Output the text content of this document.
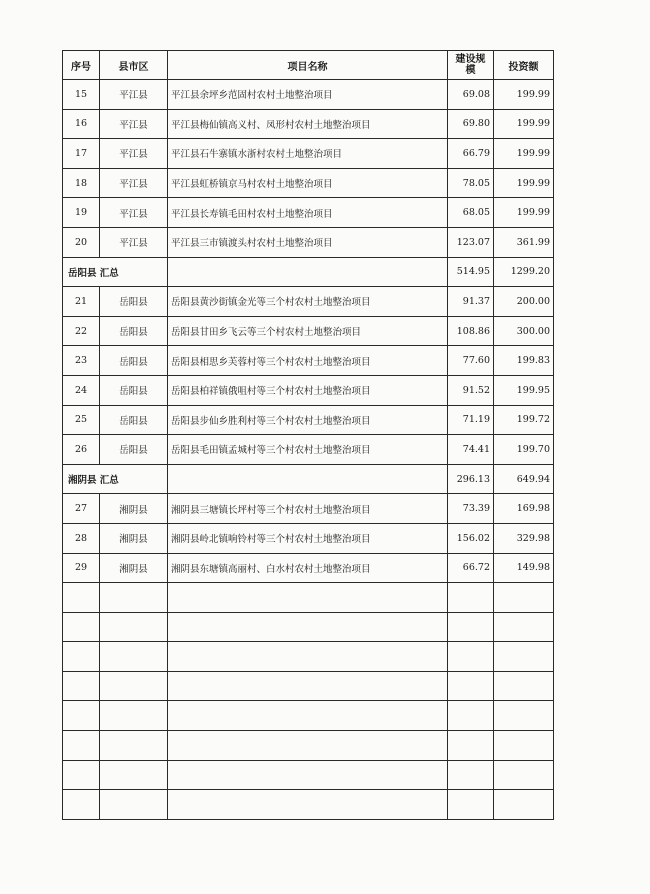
序号	县市区	项目名称	建设规模	投资额
15	平江县	平江县余坪乡范固村农村土地整治项目	69.08	199.99
16	平江县	平江县梅仙镇高义村、凤形村农村土地整治项目	69.80	199.99
17	平江县	平江县石牛寨镇水浙村农村土地整治项目	66.79	199.99
18	平江县	平江县虹桥镇京马村农村土地整治项目	78.05	199.99
19	平江县	平江县长寿镇毛田村农村土地整治项目	68.05	199.99
20	平江县	平江县三市镇渡头村农村土地整治项目	123.07	361.99
岳阳县 汇总			514.95	1299.20
21	岳阳县	岳阳县黄沙街镇金光等三个村农村土地整治项目	91.37	200.00
22	岳阳县	岳阳县甘田乡飞云等三个村农村土地整治项目	108.86	300.00
23	岳阳县	岳阳县相思乡芙蓉村等三个村农村土地整治项目	77.60	199.83
24	岳阳县	岳阳县柏祥镇俄咀村等三个村农村土地整治项目	91.52	199.95
25	岳阳县	岳阳县步仙乡胜利村等三个村农村土地整治项目	71.19	199.72
26	岳阳县	岳阳县毛田镇孟城村等三个村农村土地整治项目	74.41	199.70
湘阴县 汇总			296.13	649.94
27	湘阴县	湘阴县三塘镇长坪村等三个村农村土地整治项目	73.39	169.98
28	湘阴县	湘阴县岭北镇响铃村等三个村农村土地整治项目	156.02	329.98
29	湘阴县	湘阴县东塘镇高丽村、白水村农村土地整治项目	66.72	149.98
